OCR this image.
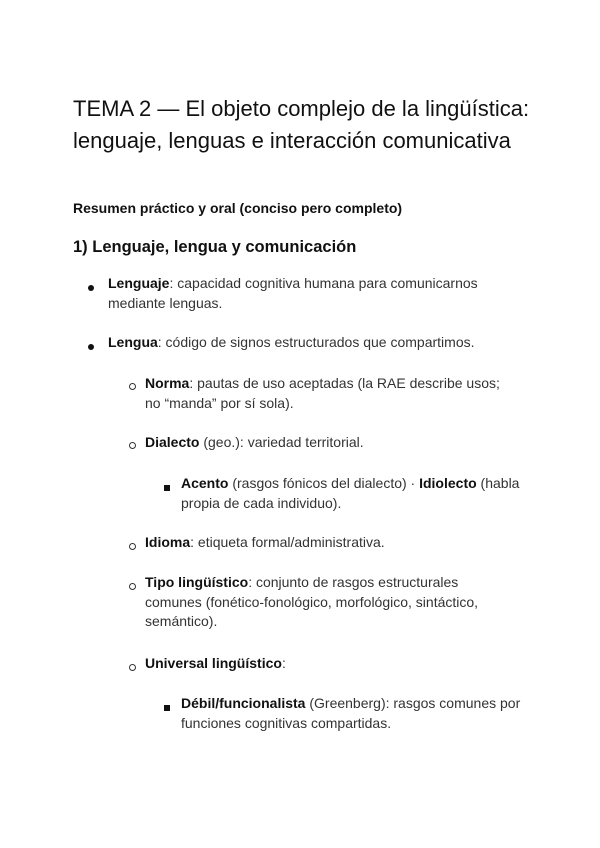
TEMA 2 — El objeto complejo de la lingüística: lenguaje, lenguas e interacción comunicativa

Resumen práctico y oral (conciso pero completo)

1) Lenguaje, lengua y comunicación
Lenguaje: capacidad cognitiva humana para comunicarnos mediante lenguas.
Lengua: código de signos estructurados que compartimos.
Norma: pautas de uso aceptadas (la RAE describe usos; no “manda” por sí sola).
Dialecto (geo.): variedad territorial.
Acento (rasgos fónicos del dialecto) · Idiolecto (habla propia de cada individuo).
Idioma: etiqueta formal/administrativa.
Tipo lingüístico: conjunto de rasgos estructurales comunes (fonético-fonológico, morfológico, sintáctico, semántico).
Universal lingüístico:
Débil/funcionalista (Greenberg): rasgos comunes por funciones cognitivas compartidas.
